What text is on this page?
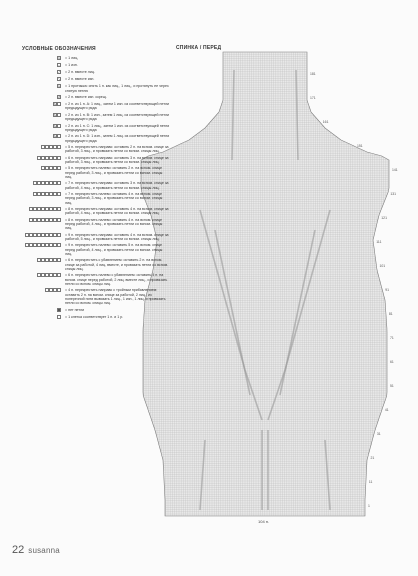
СПИНКА / ПЕРЕД
УСЛОВНЫЕ ОБОЗНАЧЕНИЯ
1	= 1 лиц.
−	= 1 изн.
/	= 2 п. вместе лиц.
\	= 2 п. вместе изн.
λ	= 1 протяжка: снять 1 п. как лиц., 1 лиц., и протянуть ее через снятую петлю
⋀ = 2 п. вместе изн. скрещ.
⋁ = 2 п. из 1 п. А: 1 лиц., затем 1 изн. из соответствующей петли предыдущего ряда
⋁ = 2 п. из 1 п. В: 1 изн., затем 1 лиц. из соответствующей петли предыдущего ряда
⋁ = 2 п. из 1 п. С: 1 лиц., затем 1 изн. из соответствующей петли предыдущего ряда
⋁ = 2 п. из 1 п. D: 1 изн., затем 1 лиц. из соответствующей петли предыдущего ряда
= 5 п. перекрестить направо: оставить 2 п. на вспом. спице за работой, 3 лиц., и провязать петли со вспом. спицы лиц.
= 6 п. перекрестить направо: оставить 3 п. на вспом. спице за работой, 3 лиц., и провязать петли со вспом. спицы лиц.
= 5 п. перекрестить налево: оставить 2 п. на вспом. спице перед работой, 3 лиц., и провязать петли со вспом. спицы лиц.
= 7 п. перекрестить направо: оставить 3 п. на вспом. спице за работой, 4 лиц., и провязать петли со вспом. спицы лиц.
= 7 п. перекрестить налево: оставить 4 п. на вспом. спице перед работой, 3 лиц., и провязать петли со вспом. спицы лиц.
= 8 п. перекрестить направо: оставить 4 п. на вспом. спице за работой, 4 лиц., и провязать петли со вспом. спицы лиц.
= 8 п. перекрестить налево: оставить 4 п. на вспом. спице перед работой, 4 лиц., и провязать петли со вспом. спицы лиц.
= 9 п. перекрестить направо: оставить 4 п. на вспом. спице за работой, 5 лиц., и провязать петли со вспом. спицы лиц.
= 9 п. перекрестить налево: оставить 5 п. на вспом. спице перед работой, 4 лиц., и провязать петли со вспом. спицы лиц.
= 6 п. перекрестить с убавлением: оставить 2 п. на вспом. спице за работой, 4 лиц. вместе, и провязать петли со вспом. спицы лиц.
= 6 п. перекрестить налево с убавлением: оставить 4 п. на вспом. спице перед работой, 2 лиц. вместе лиц., и провязать петли со вспом. спицы лиц.
= 4 п. перекрестить направо с тройным прибавлением: оставить 2 п. на вспом. спице за работой, 2 лиц., из поперечной нити вывязать 1 лиц., 1 изн., 1 лиц. и провязать петли со вспом. спицы лиц.
= нет петли
= 1 клетка соответствует 1 п. и 1 р.
181
171
161
151
141
131
121
111
101
91
81
71
61
51
41
31
21
11
1
104 п.
22 susanna
